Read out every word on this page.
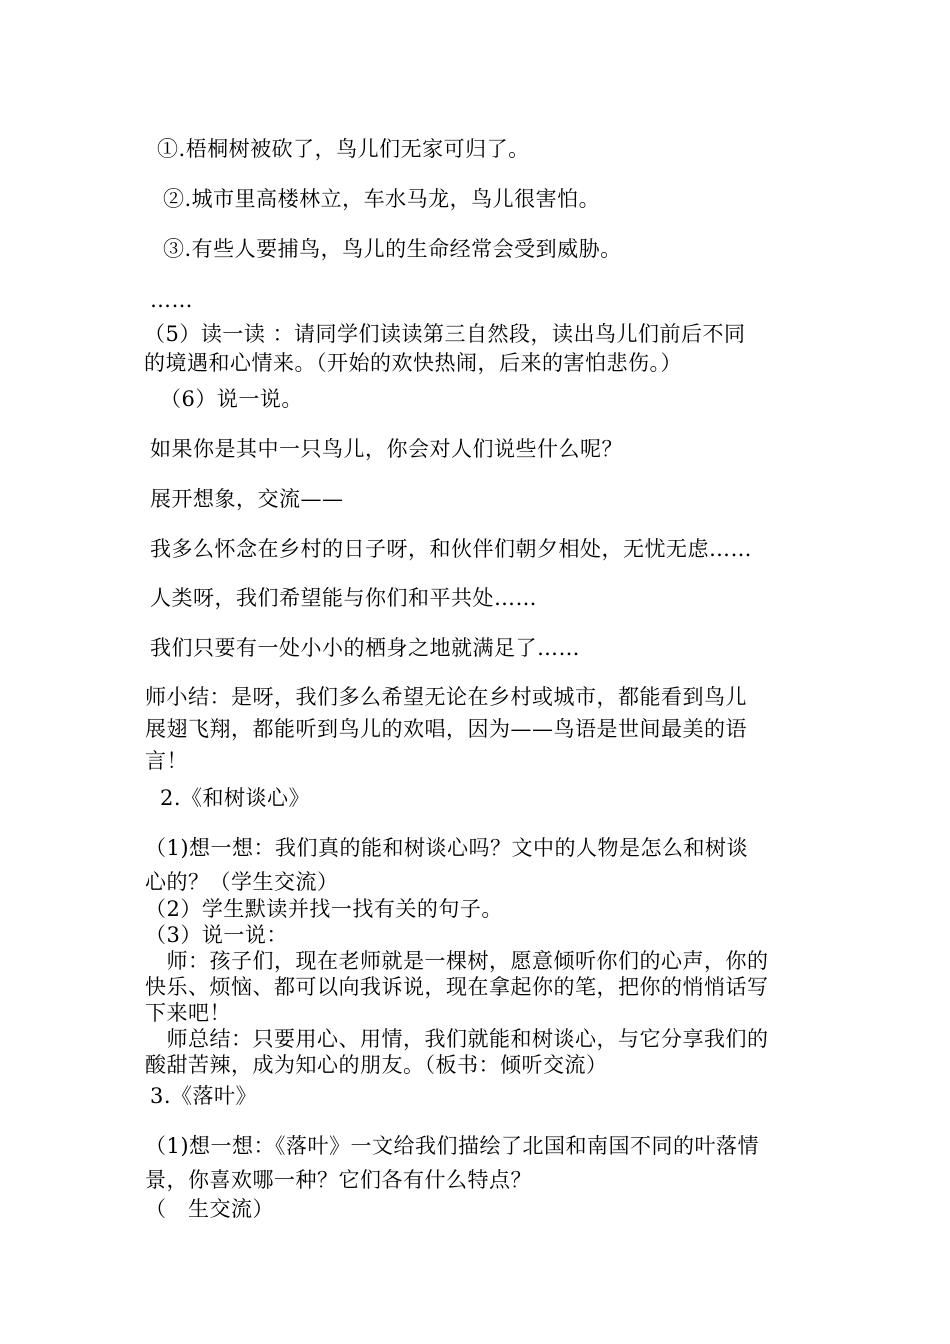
①.梧桐树被砍了，鸟儿们无家可归了。
②.城市里高楼林立，车水马龙，鸟儿很害怕。
③.有些人要捕鸟，鸟儿的生命经常会受到威胁。
……
（5）读一读 ：请同学们读读第三自然段，读出鸟儿们前后不同
的境遇和心情来。（开始的欢快热闹，后来的害怕悲伤。）
（6）说一说。
如果你是其中一只鸟儿，你会对人们说些什么呢？
展开想象，交流——
我多么怀念在乡村的日子呀，和伙伴们朝夕相处，无忧无虑……
人类呀，我们希望能与你们和平共处……
我们只要有一处小小的栖身之地就满足了……
师小结：是呀，我们多么希望无论在乡村或城市，都能看到鸟儿
展翅飞翔，都能听到鸟儿的欢唱，因为——鸟语是世间最美的语
言！
2.《和树谈心》
（1)想一想：我们真的能和树谈心吗？文中的人物是怎么和树谈
心的？（学生交流）
（2）学生默读并找一找有关的句子。
（3）说一说：
　师：孩子们，现在老师就是一棵树，愿意倾听你们的心声，你的
快乐、烦恼、都可以向我诉说，现在拿起你的笔，把你的悄悄话写
下来吧！
　师总结：只要用心、用情，我们就能和树谈心，与它分享我们的
酸甜苦辣，成为知心的朋友。（板书：倾听交流）
3.《落叶》
（1)想一想：《落叶》一文给我们描绘了北国和南国不同的叶落情
景，你喜欢哪一种？它们各有什么特点？
（　生交流）
